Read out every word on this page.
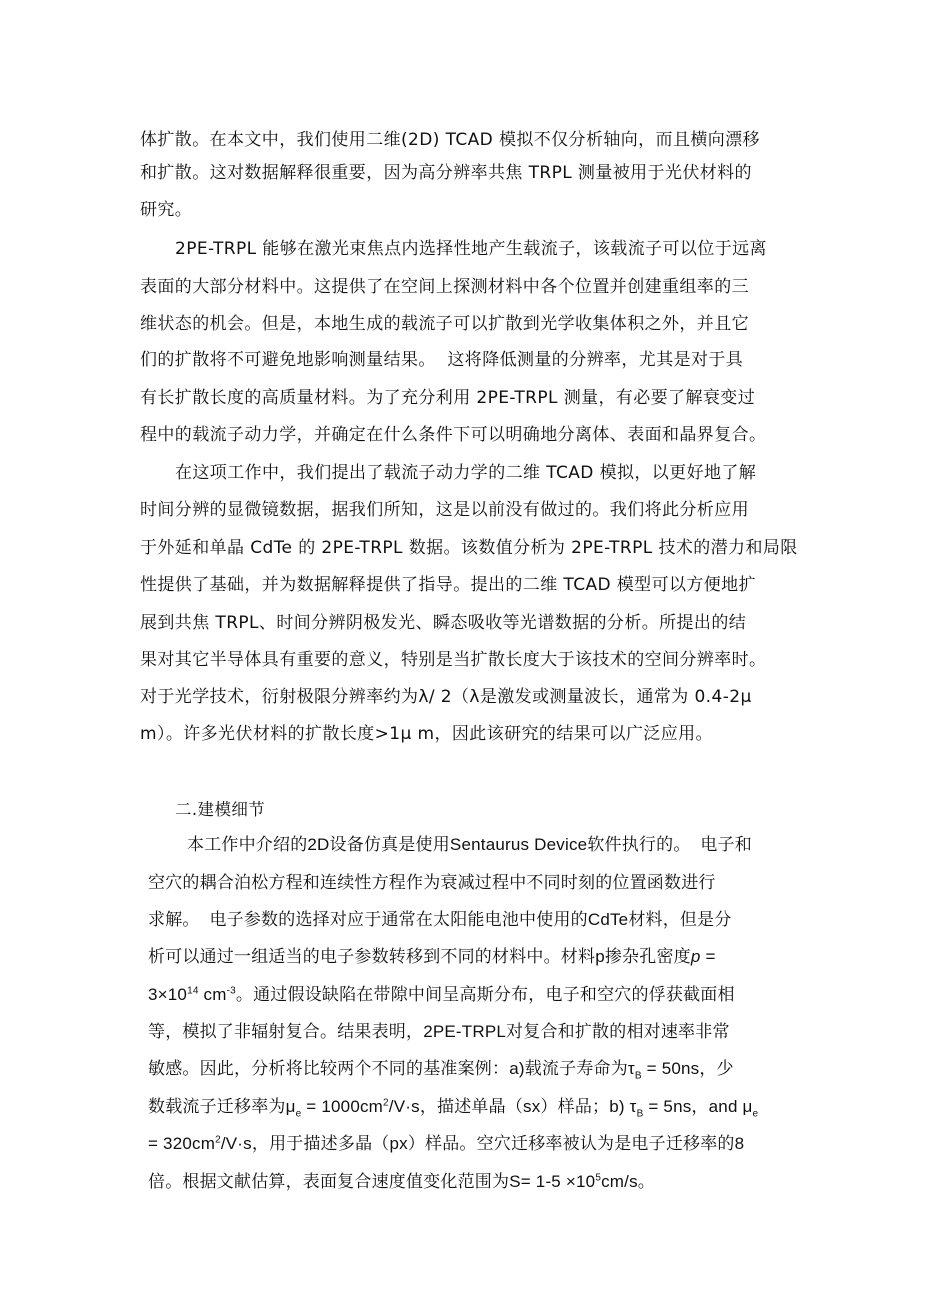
体扩散。在本文中，我们使用二维(2D) TCAD 模拟不仅分析轴向，而且横向漂移
和扩散。这对数据解释很重要，因为高分辨率共焦 TRPL 测量被用于光伏材料的
研究。
2PE-TRPL 能够在激光束焦点内选择性地产生载流子，该载流子可以位于远离
表面的大部分材料中。这提供了在空间上探测材料中各个位置并创建重组率的三
维状态的机会。但是，本地生成的载流子可以扩散到光学收集体积之外，并且它
们的扩散将不可避免地影响测量结果。  这将降低测量的分辨率，尤其是对于具
有长扩散长度的高质量材料。为了充分利用 2PE-TRPL 测量，有必要了解衰变过
程中的载流子动力学，并确定在什么条件下可以明确地分离体、表面和晶界复合。
在这项工作中，我们提出了载流子动力学的二维 TCAD 模拟，以更好地了解
时间分辨的显微镜数据，据我们所知，这是以前没有做过的。我们将此分析应用
于外延和单晶 CdTe 的 2PE-TRPL 数据。该数值分析为 2PE-TRPL 技术的潜力和局限
性提供了基础，并为数据解释提供了指导。提出的二维 TCAD 模型可以方便地扩
展到共焦 TRPL、时间分辨阴极发光、瞬态吸收等光谱数据的分析。所提出的结
果对其它半导体具有重要的意义，特别是当扩散长度大于该技术的空间分辨率时。
对于光学技术，衍射极限分辨率约为λ/ 2（λ是激发或测量波长，通常为 0.4-2μ
m）。许多光伏材料的扩散长度>1μ m，因此该研究的结果可以广泛应用。
二.建模细节
本工作中介绍的2D设备仿真是使用Sentaurus Device软件执行的。  电子和
空穴的耦合泊松方程和连续性方程作为衰减过程中不同时刻的位置函数进行
求解。  电子参数的选择对应于通常在太阳能电池中使用的CdTe材料，但是分
析可以通过一组适当的电子参数转移到不同的材料中。材料p掺杂孔密度p =
$3\times 10^{14}$ $cm^{-3}$。通过假设缺陷在带隙中间呈高斯分布，电子和空穴的俘获截面相
等，模拟了非辐射复合。结果表明，2PE-TRPL对复合和扩散的相对速率非常
敏感。因此，分析将比较两个不同的基准案例：a)载流子寿命为$\tau_B = 50ns$，少
数载流子迁移率为$\mu_e = 1000cm^2/V\cdot s$，描述单晶（sx）样品；b) $\tau_B = 5ns$，and $\mu_e$
= $320cm^2/V\cdot s$，用于描述多晶（px）样品。空穴迁移率被认为是电子迁移率的8
倍。根据文献估算，表面复合速度值变化范围为$S= 1-5 \times 10^5cm/s$。
